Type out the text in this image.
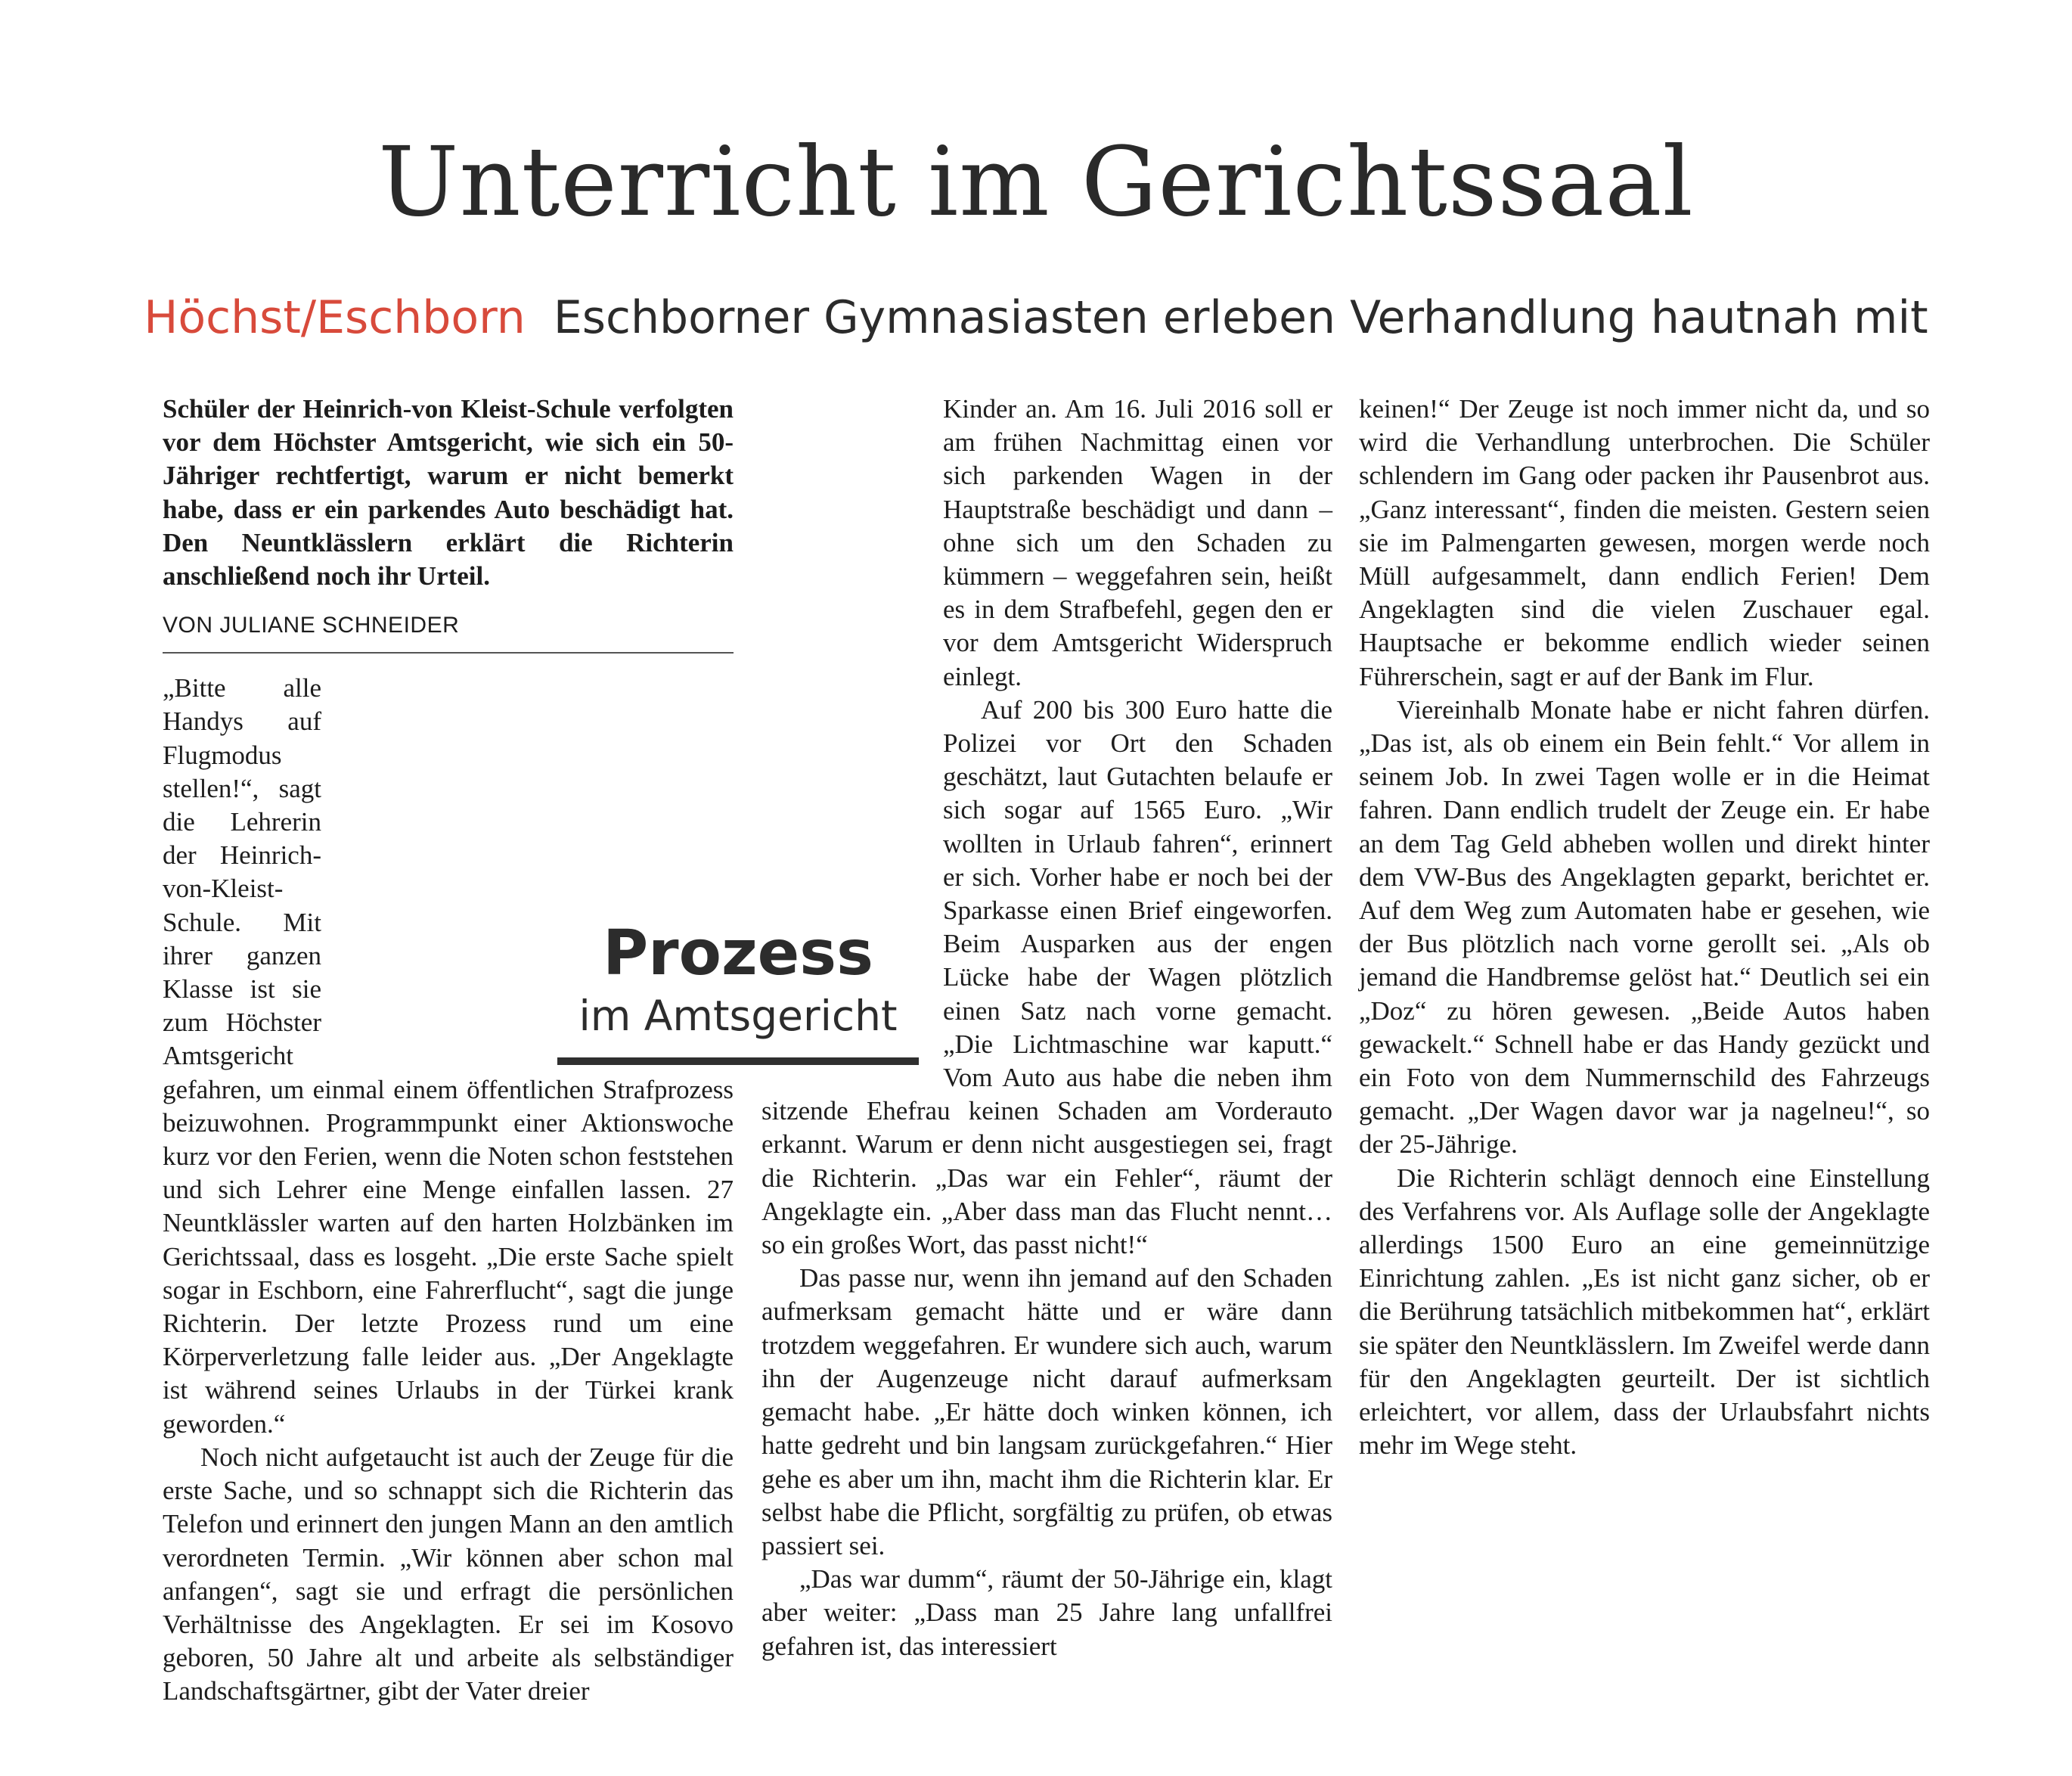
Unterricht im Gerichtssaal
Höchst/Eschborn Eschborner Gymnasiasten erleben Verhandlung hautnah mit

Schüler der Heinrich-von Kleist-Schule verfolgten vor dem Höchster Amtsgericht, wie sich ein 50-Jähriger rechtfertigt, warum er nicht bemerkt habe, dass er ein parkendes Auto beschädigt hat. Den Neuntklässlern erklärt die Richterin anschließend noch ihr Urteil.

VON JULIANE SCHNEIDER

„Bitte alle Handys auf Flugmodus stellen!“, sagt die Lehrerin der Heinrich-von-Kleist-Schule. Mit ihrer ganzen Klasse ist sie zum Höchster Amtsgericht gefahren, um einmal einem öffentlichen Strafprozess beizuwohnen. Programmpunkt einer Aktionswoche kurz vor den Ferien, wenn die Noten schon feststehen und sich Lehrer eine Menge einfallen lassen. 27 Neuntklässler warten auf den harten Holzbänken im Gerichtssaal, dass es losgeht. „Die erste Sache spielt sogar in Eschborn, eine Fahrerflucht“, sagt die junge Richterin. Der letzte Prozess rund um eine Körperverletzung falle leider aus. „Der Angeklagte ist während seines Urlaubs in der Türkei krank geworden.“

Noch nicht aufgetaucht ist auch der Zeuge für die erste Sache, und so schnappt sich die Richterin das Telefon und erinnert den jungen Mann an den amtlich verordneten Termin. „Wir können aber schon mal anfangen“, sagt sie und erfragt die persönlichen Verhältnisse des Angeklagten. Er sei im Kosovo geboren, 50 Jahre alt und arbeite als selbständiger Landschaftsgärtner, gibt der Vater dreier

Kinder an. Am 16. Juli 2016 soll er am frühen Nachmittag einen vor sich parkenden Wagen in der Hauptstraße beschädigt und dann – ohne sich um den Schaden zu kümmern – weggefahren sein, heißt es in dem Strafbefehl, gegen den er vor dem Amtsgericht Widerspruch einlegt.

Auf 200 bis 300 Euro hatte die Polizei vor Ort den Schaden geschätzt, laut Gutachten belaufe er sich sogar auf 1565 Euro. „Wir wollten in Urlaub fahren“, erinnert er sich. Vorher habe er noch bei der Sparkasse einen Brief eingeworfen. Beim Ausparken aus der engen Lücke habe der Wagen plötzlich einen Satz nach vorne gemacht. „Die Lichtmaschine war kaputt.“ Vom Auto aus habe die neben ihm sitzende Ehefrau keinen Schaden am Vorderauto erkannt. Warum er denn nicht ausgestiegen sei, fragt die Richterin. „Das war ein Fehler“, räumt der Angeklagte ein. „Aber dass man das Flucht nennt… so ein großes Wort, das passt nicht!“

Das passe nur, wenn ihn jemand auf den Schaden aufmerksam gemacht hätte und er wäre dann trotzdem weggefahren. Er wundere sich auch, warum ihn der Augenzeuge nicht darauf aufmerksam gemacht habe. „Er hätte doch winken können, ich hatte gedreht und bin langsam zurückgefahren.“ Hier gehe es aber um ihn, macht ihm die Richterin klar. Er selbst habe die Pflicht, sorgfältig zu prüfen, ob etwas passiert sei.

„Das war dumm“, räumt der 50-Jährige ein, klagt aber weiter: „Dass man 25 Jahre lang unfallfrei gefahren ist, das interessiert

keinen!“ Der Zeuge ist noch immer nicht da, und so wird die Verhandlung unterbrochen. Die Schüler schlendern im Gang oder packen ihr Pausenbrot aus. „Ganz interessant“, finden die meisten. Gestern seien sie im Palmengarten gewesen, morgen werde noch Müll aufgesammelt, dann endlich Ferien! Dem Angeklagten sind die vielen Zuschauer egal. Hauptsache er bekomme endlich wieder seinen Führerschein, sagt er auf der Bank im Flur.

Viereinhalb Monate habe er nicht fahren dürfen. „Das ist, als ob einem ein Bein fehlt.“ Vor allem in seinem Job. In zwei Tagen wolle er in die Heimat fahren. Dann endlich trudelt der Zeuge ein. Er habe an dem Tag Geld abheben wollen und direkt hinter dem VW-Bus des Angeklagten geparkt, berichtet er. Auf dem Weg zum Automaten habe er gesehen, wie der Bus plötzlich nach vorne gerollt sei. „Als ob jemand die Handbremse gelöst hat.“ Deutlich sei ein „Doz“ zu hören gewesen. „Beide Autos haben gewackelt.“ Schnell habe er das Handy gezückt und ein Foto von dem Nummernschild des Fahrzeugs gemacht. „Der Wagen davor war ja nagelneu!“, so der 25-Jährige.

Die Richterin schlägt dennoch eine Einstellung des Verfahrens vor. Als Auflage solle der Angeklagte allerdings 1500 Euro an eine gemeinnützige Einrichtung zahlen. „Es ist nicht ganz sicher, ob er die Berührung tatsächlich mitbekommen hat“, erklärt sie später den Neuntklässlern. Im Zweifel werde dann für den Angeklagten geurteilt. Der ist sichtlich erleichtert, vor allem, dass der Urlaubsfahrt nichts mehr im Wege steht.

Prozess
im Amtsgericht
